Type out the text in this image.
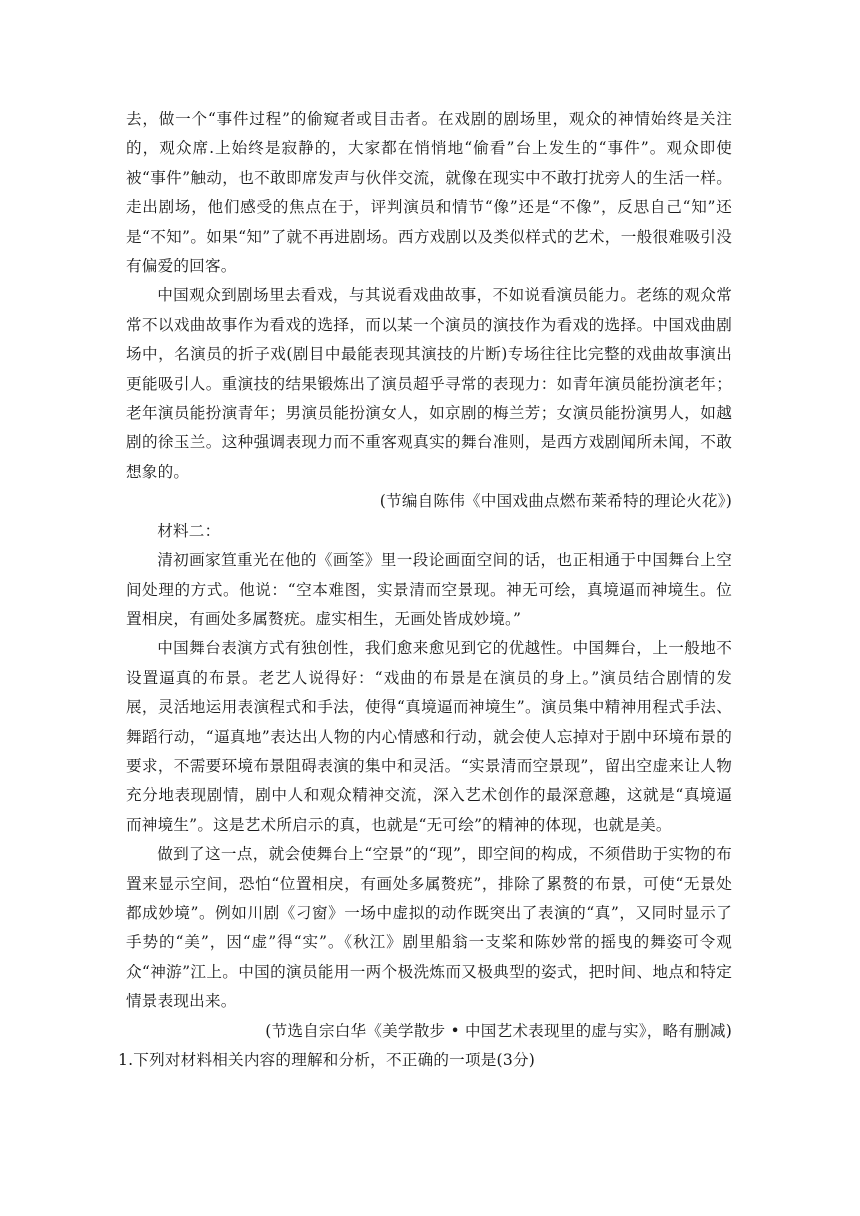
去，做一个“事件过程”的偷窥者或目击者。在戏剧的剧场里，观众的神情始终是关注的，观众席.上始终是寂静的，大家都在悄悄地“偷看”台上发生的“事件”。观众即使被“事件”触动，也不敢即席发声与伙伴交流，就像在现实中不敢打扰旁人的生活一样。走出剧场，他们感受的焦点在于，评判演员和情节“像”还是“不像”，反思自己“知”还是“不知”。如果“知”了就不再进剧场。西方戏剧以及类似样式的艺术，一般很难吸引没有偏爱的回客。

中国观众到剧场里去看戏，与其说看戏曲故事，不如说看演员能力。老练的观众常常不以戏曲故事作为看戏的选择，而以某一个演员的演技作为看戏的选择。中国戏曲剧场中，名演员的折子戏(剧目中最能表现其演技的片断)专场往往比完整的戏曲故事演出更能吸引人。重演技的结果锻炼出了演员超乎寻常的表现力：如青年演员能扮演老年；老年演员能扮演青年；男演员能扮演女人，如京剧的梅兰芳；女演员能扮演男人，如越剧的徐玉兰。这种强调表现力而不重客观真实的舞台准则，是西方戏剧闻所未闻，不敢想象的。

(节编自陈伟《中国戏曲点燃布莱希特的理论火花》)

材料二：

清初画家笪重光在他的《画筌》里一段论画面空间的话，也正相通于中国舞台上空间处理的方式。他说：“空本难图，实景清而空景现。神无可绘，真境逼而神境生。位置相戾，有画处多属赘疣。虚实相生，无画处皆成妙境。”

中国舞台表演方式有独创性，我们愈来愈见到它的优越性。中国舞台，上一般地不设置逼真的布景。老艺人说得好：“戏曲的布景是在演员的身上。”演员结合剧情的发展，灵活地运用表演程式和手法，使得“真境逼而神境生”。演员集中精神用程式手法、舞蹈行动，“逼真地”表达出人物的内心情感和行动，就会使人忘掉对于剧中环境布景的要求，不需要环境布景阻碍表演的集中和灵活。“实景清而空景现”，留出空虚来让人物充分地表现剧情，剧中人和观众精神交流，深入艺术创作的最深意趣，这就是“真境逼而神境生”。这是艺术所启示的真，也就是“无可绘”的精神的体现，也就是美。

做到了这一点，就会使舞台上“空景”的“现”，即空间的构成，不须借助于实物的布置来显示空间，恐怕“位置相戾，有画处多属赘疣”，排除了累赘的布景，可使“无景处都成妙境”。例如川剧《刁窗》一场中虚拟的动作既突出了表演的“真”，又同时显示了手势的“美”，因“虚”得“实”。《秋江》剧里船翁一支桨和陈妙常的摇曳的舞姿可令观众“神游”江上。中国的演员能用一两个极洗炼而又极典型的姿式，把时间、地点和特定情景表现出来。

(节选自宗白华《美学散步 • 中国艺术表现里的虚与实》，略有删减)

1.下列对材料相关内容的理解和分析，不正确的一项是(3分)
